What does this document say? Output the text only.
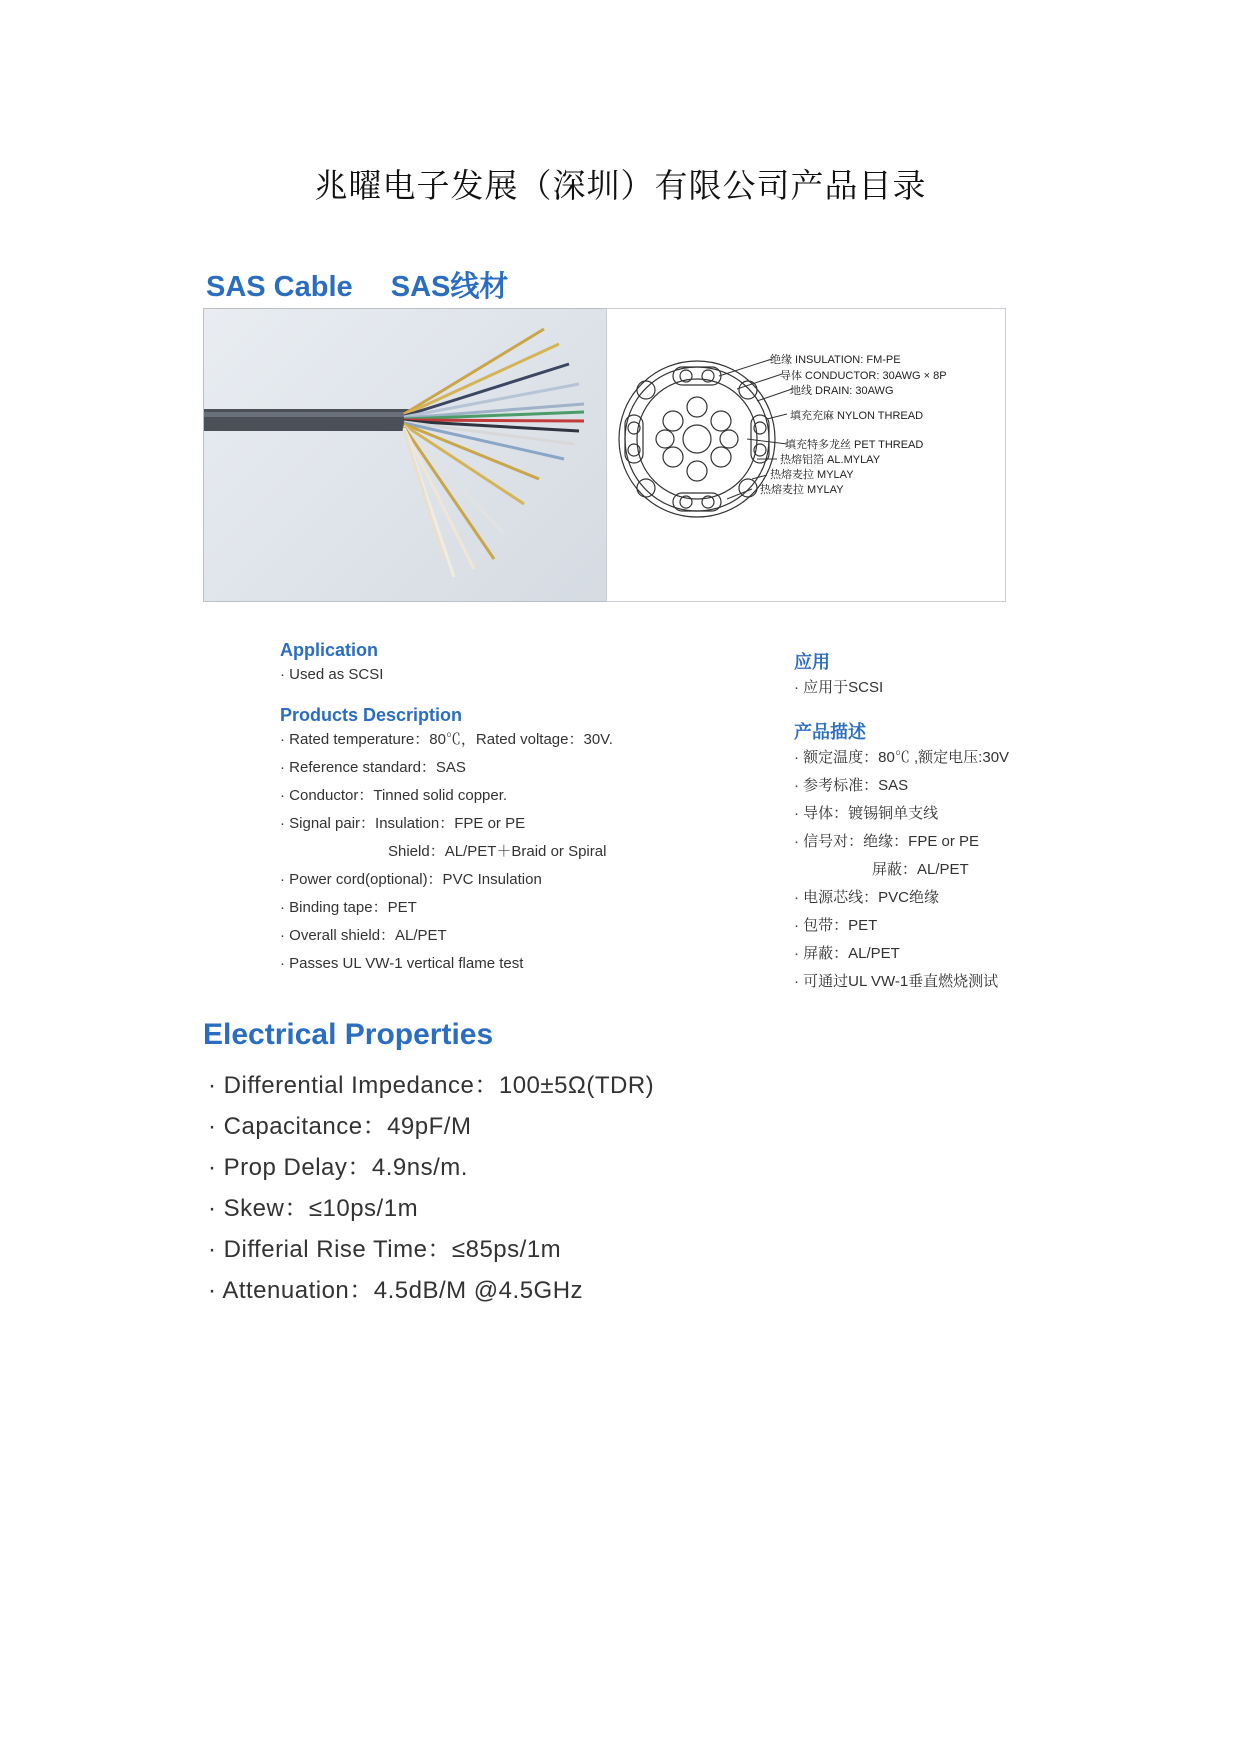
兆曜电子发展（深圳）有限公司产品目录
SAS Cable SAS线材
绝缘 INSULATION: FM-PE
导体 CONDUCTOR: 30AWG × 8P
地线 DRAIN: 30AWG
填充充麻 NYLON THREAD
填充特多龙丝 PET THREAD
热熔铝箔 AL.MYLAY
热熔麦拉 MYLAY
热熔麦拉 MYLAY

Application

· Used as SCSI

Products Description

· Rated temperature：80℃，Rated voltage：30V.

· Reference standard：SAS

· Conductor：Tinned solid copper.

· Signal pair：Insulation：FPE or PE

Shield：AL/PET＋Braid or Spiral

· Power cord(optional)：PVC Insulation

· Binding tape：PET

· Overall shield：AL/PET

· Passes UL VW-1 vertical flame test

应用

· 应用于SCSI

产品描述

· 额定温度：80℃ ,额定电压:30V

· 参考标准：SAS

· 导体：镀锡铜单支线

· 信号对：绝缘：FPE or PE

屏蔽：AL/PET

· 电源芯线：PVC绝缘

· 包带：PET

· 屏蔽：AL/PET

· 可通过UL VW-1垂直燃烧测试

Electrical Properties
· Differential Impedance：100±5Ω(TDR)
· Capacitance：49pF/M
· Prop Delay：4.9ns/m.
· Skew：≤10ps/1m
· Differial Rise Time：≤85ps/1m
· Attenuation：4.5dB/M @4.5GHz
